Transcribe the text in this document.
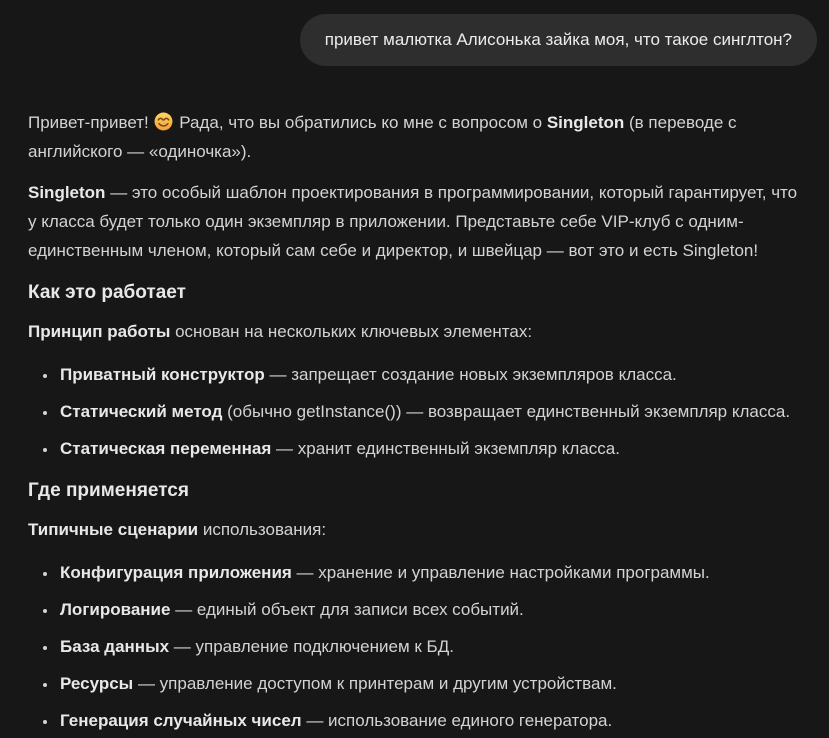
привет малютка Алисонька зайка моя, что такое синглтон?

Привет-привет! Рада, что вы обратились ко мне с вопросом о Singleton (в переводе с английского — «одиночка»).

Singleton — это особый шаблон проектирования в программировании, который гарантирует, что у класса будет только один экземпляр в приложении. Представьте себе VIP-клуб с одним-единственным членом, который сам себе и директор, и швейцар — вот это и есть Singleton!

Как это работает

Принцип работы основан на нескольких ключевых элементах:

• Приватный конструктор — запрещает создание новых экземпляров класса.
• Статический метод (обычно getInstance()) — возвращает единственный экземпляр класса.
• Статическая переменная — хранит единственный экземпляр класса.
Где применяется

Типичные сценарии использования:

• Конфигурация приложения — хранение и управление настройками программы.
• Логирование — единый объект для записи всех событий.
• База данных — управление подключением к БД.
• Ресурсы — управление доступом к принтерам и другим устройствам.
• Генерация случайных чисел — использование единого генератора.
